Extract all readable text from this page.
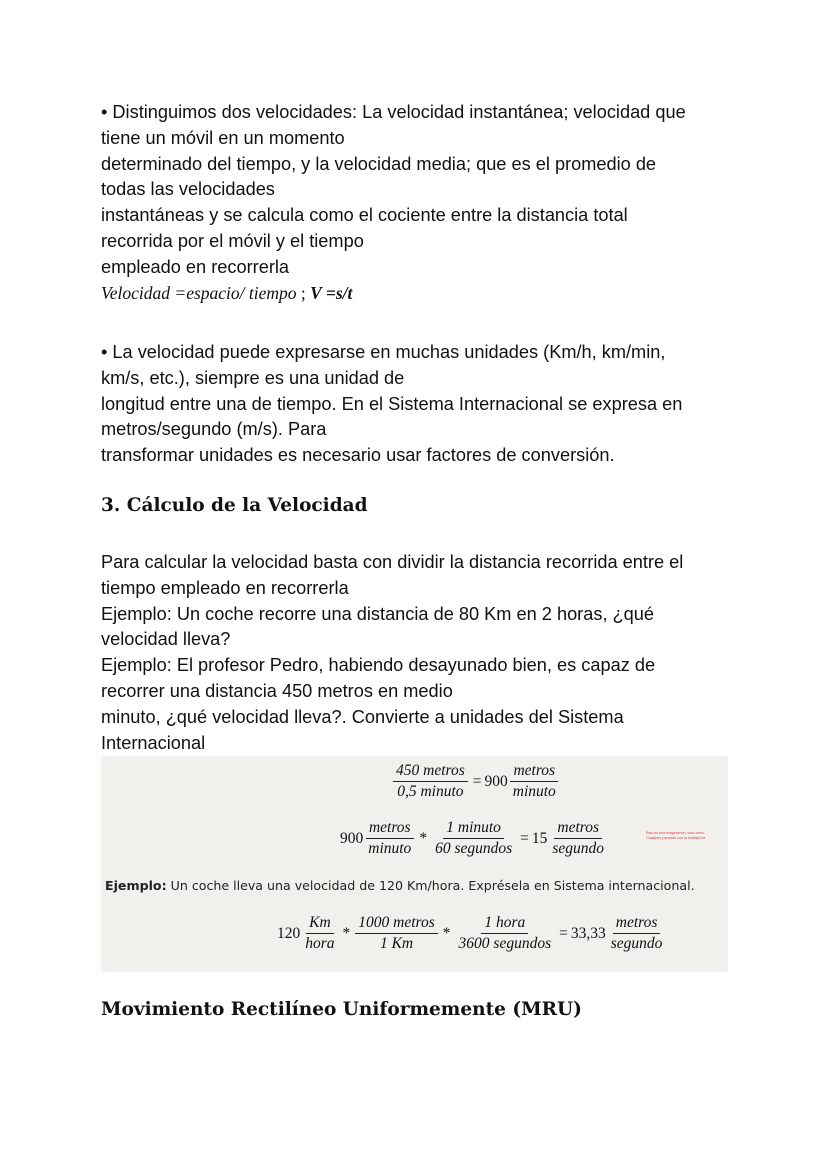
• Distinguimos dos velocidades: La velocidad instantánea; velocidad que
tiene un móvil en un momento
determinado del tiempo, y la velocidad media; que es el promedio de
todas las velocidades
instantáneas y se calcula como el cociente entre la distancia total
recorrida por el móvil y el tiempo
empleado en recorrerla

Velocidad =espacio/ tiempo ; V =s/t

• La velocidad puede expresarse en muchas unidades (Km/h, km/min,
km/s, etc.), siempre es una unidad de
longitud entre una de tiempo. En el Sistema Internacional se expresa en
metros/segundo (m/s). Para
transformar unidades es necesario usar factores de conversión.

3. Cálculo de la Velocidad

Para calcular la velocidad basta con dividir la distancia recorrida entre el
tiempo empleado en recorrerla
Ejemplo: Un coche recorre una distancia de 80 Km en 2 horas, ¿qué
velocidad lleva?
Ejemplo: El profesor Pedro, habiendo desayunado bien, es capaz de
recorrer una distancia 450 metros en medio
minuto, ¿qué velocidad lleva?. Convierte a unidades del Sistema
Internacional

$\frac{\text{450 metros}}{\text{0,5 minuto}} = 900 \frac{\text{metros}}{\text{minuto}}$
$900 \frac{\text{metros}}{\text{minuto}} * \frac{\text{1 minuto}}{\text{60 segundos}} = 15 \frac{\text{metros}}{\text{segundo}}$	Esto es una exageración, todo cierto
Cualquier parecido con la realidad es
Ejemplo: Un coche lleva una velocidad de 120 Km/hora. Exprésela en Sistema internacional.
$120 \frac{Km}{\text{hora}} * \frac{\text{1000 metros}}{1 Km} * \frac{\text{1 hora}}{\text{3600 segundos}} = 33,33 \frac{\text{metros}}{\text{segundo}}$
Movimiento Rectilíneo Uniformemente (MRU)
